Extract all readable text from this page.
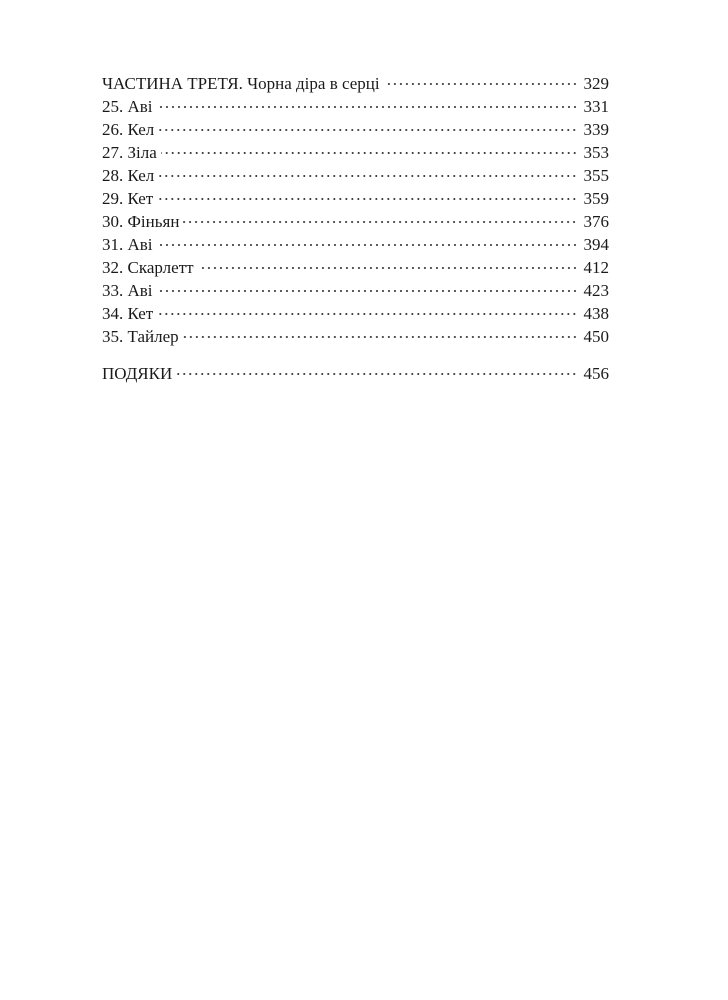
ЧАСТИНА ТРЕТЯ. Чорна діра в серці	329
25. Аві	331
26. Кел	339
27. Зіла	353
28. Кел	355
29. Кет	359
30. Фіньян	376
31. Аві	394
32. Скарлетт	412
33. Аві	423
34. Кет	438
35. Тайлер	450
ПОДЯКИ	456
